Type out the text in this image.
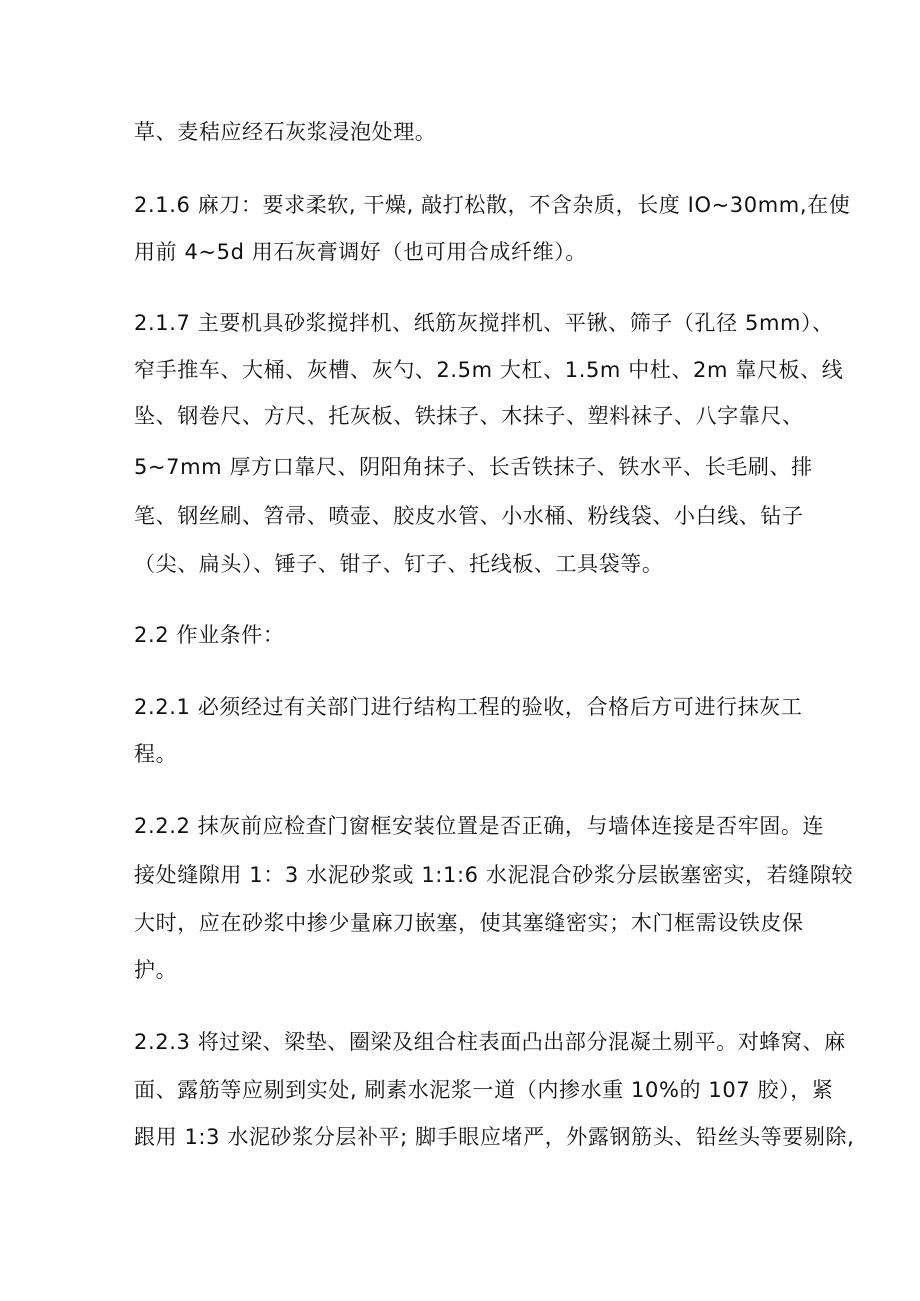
草、麦秸应经石灰浆浸泡处理。
2.1.6 麻刀：要求柔软, 干燥, 敲打松散，不含杂质，长度 IO~30mm,在使
用前 4~5d 用石灰膏调好（也可用合成纤维）。
2.1.7 主要机具砂浆搅拌机、纸筋灰搅拌机、平锹、筛子（孔径 5mm）、
窄手推车、大桶、灰槽、灰勺、2.5m 大杠、1.5m 中杜、2m 靠尺板、线
坠、钢卷尺、方尺、托灰板、铁抹子、木抹子、塑料袜子、八字靠尺、
5~7mm 厚方口靠尺、阴阳角抹子、长舌铁抹子、铁水平、长毛刷、排
笔、钢丝刷、笤帚、喷壶、胶皮水管、小水桶、粉线袋、小白线、钻子
（尖、扁头）、锤子、钳子、钉子、托线板、工具袋等。
2.2 作业条件：
2.2.1 必须经过有关部门进行结构工程的验收，合格后方可进行抹灰工
程。
2.2.2 抹灰前应检查门窗框安装位置是否正确，与墙体连接是否牢固。连
接处缝隙用 1：3 水泥砂浆或 1:1:6 水泥混合砂浆分层嵌塞密实，若缝隙较
大时，应在砂浆中掺少量麻刀嵌塞，使其塞缝密实；木门框需设铁皮保
护。
2.2.3 将过梁、梁垫、圈梁及组合柱表面凸出部分混凝土剔平。对蜂窝、麻
面、露筋等应剔到实处, 刷素水泥浆一道（内掺水重 10%的 107 胶），紧
跟用 1:3 水泥砂浆分层补平; 脚手眼应堵严，外露钢筋头、铅丝头等要剔除,
